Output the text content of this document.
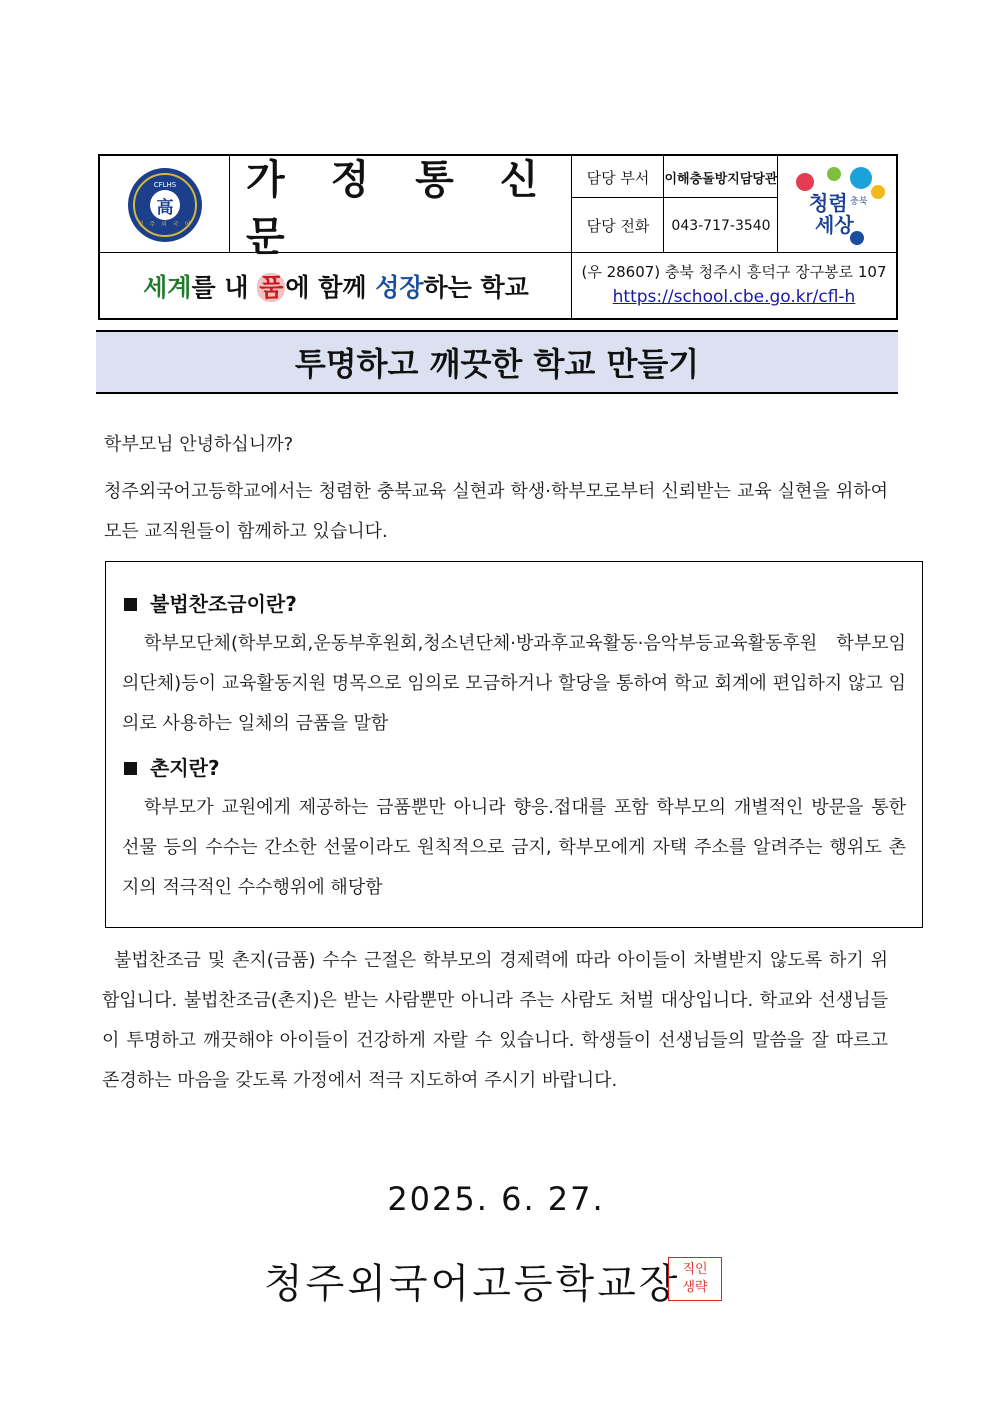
CFLHS
高
청 주 외 국 어
가 정 통 신 문
담당 부서	이해충돌방지담당관
담당 전화	043-717-3540
청렴 충북
세상
세계를 내 품에 함께 성장하는 학교
(우 28607) 충북 청주시 흥덕구 장구봉로 107
https://school.cbe.go.kr/cfl-h
투명하고 깨끗한 학교 만들기
학부모님 안녕하십니까?
청주외국어고등학교에서는 청렴한 충북교육 실현과 학생·학부모로부터 신뢰받는 교육 실현을 위하여 모든 교직원들이 함께하고 있습니다.
불법찬조금이란?
학부모단체(학부모회,운동부후원회,청소년단체·방과후교육활동·음악부등교육활동후원 학부모임의단체)등이 교육활동지원 명목으로 임의로 모금하거나 할당을 통하여 학교 회계에 편입하지 않고 임의로 사용하는 일체의 금품을 말함
촌지란?
학부모가 교원에게 제공하는 금품뿐만 아니라 향응.접대를 포함 학부모의 개별적인 방문을 통한 선물 등의 수수는 간소한 선물이라도 원칙적으로 금지, 학부모에게 자택 주소를 알려주는 행위도 촌지의 적극적인 수수행위에 해당함
불법찬조금 및 촌지(금품) 수수 근절은 학부모의 경제력에 따라 아이들이 차별받지 않도록 하기 위함입니다. 불법찬조금(촌지)은 받는 사람뿐만 아니라 주는 사람도 처벌 대상입니다. 학교와 선생님들이 투명하고 깨끗해야 아이들이 건강하게 자랄 수 있습니다. 학생들이 선생님들의 말씀을 잘 따르고 존경하는 마음을 갖도록 가정에서 적극 지도하여 주시기 바랍니다.
2025. 6. 27.
청주외국어고등학교장 직인
생략
